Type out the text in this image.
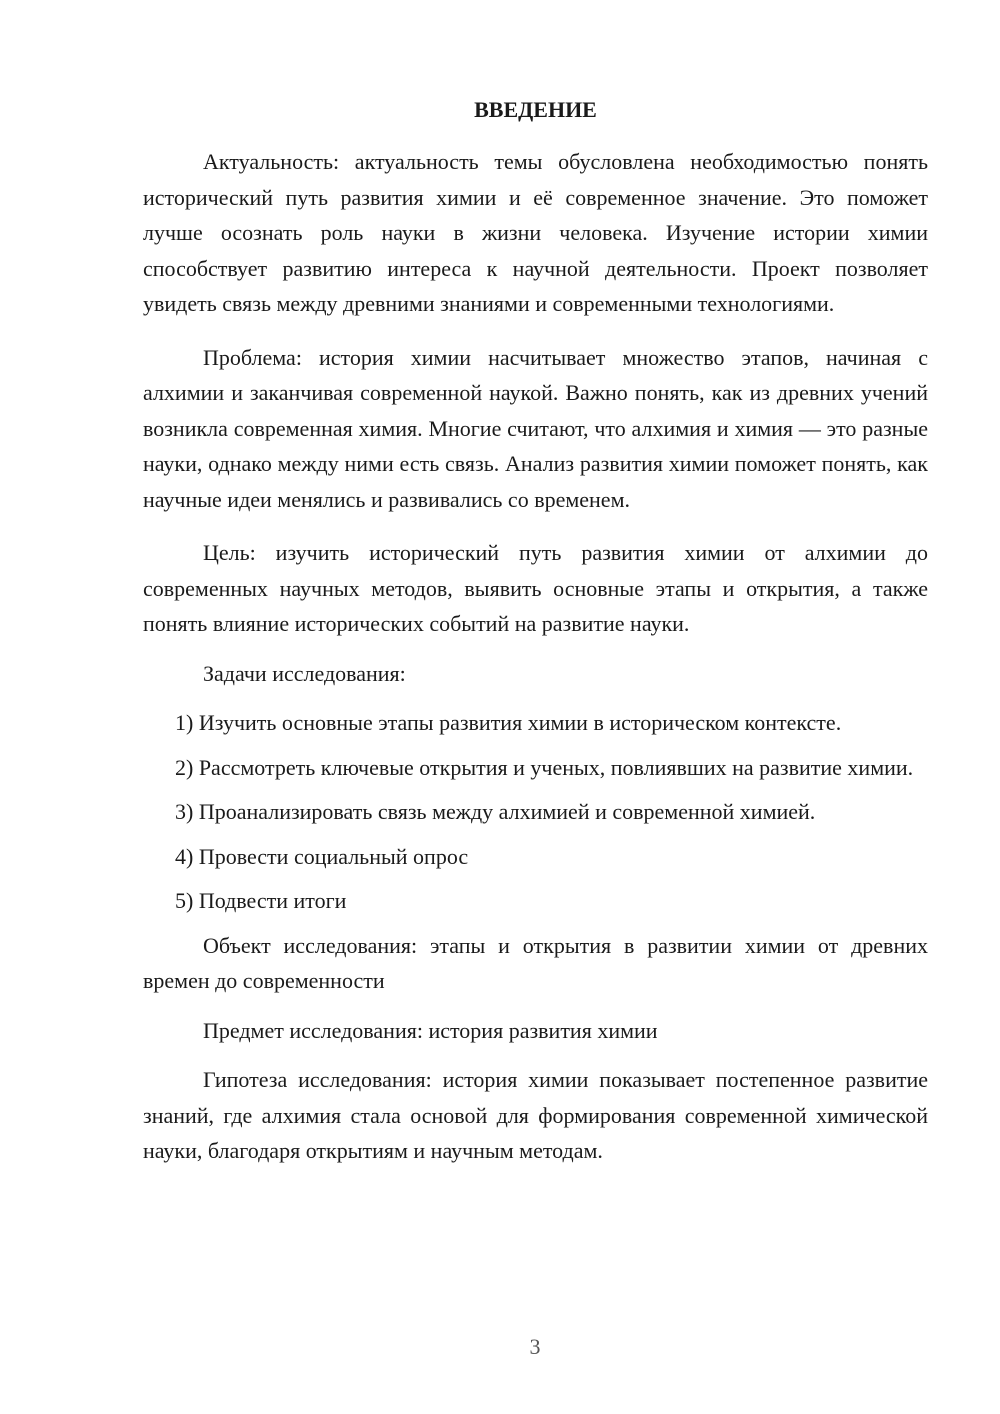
ВВЕДЕНИЕ

Актуальность: актуальность темы обусловлена необходимостью понять исторический путь развития химии и её современное значение. Это поможет лучше осознать роль науки в жизни человека. Изучение истории химии способствует развитию интереса к научной деятельности. Проект позволяет увидеть связь между древними знаниями и современными технологиями.

Проблема: история химии насчитывает множество этапов, начиная с алхимии и заканчивая современной наукой. Важно понять, как из древних учений возникла современная химия. Многие считают, что алхимия и химия — это разные науки, однако между ними есть связь. Анализ развития химии поможет понять, как научные идеи менялись и развивались со временем.

Цель: изучить исторический путь развития химии от алхимии до современных научных методов, выявить основные этапы и открытия, а также понять влияние исторических событий на развитие науки.

Задачи исследования:

1) Изучить основные этапы развития химии в историческом контексте.

2) Рассмотреть ключевые открытия и ученых, повлиявших на развитие химии.

3) Проанализировать связь между алхимией и современной химией.

4) Провести социальный опрос

5) Подвести итоги

Объект исследования: этапы и открытия в развитии химии от древних времен до современности

Предмет исследования: история развития химии

Гипотеза исследования: история химии показывает постепенное развитие знаний, где алхимия стала основой для формирования современной химической науки, благодаря открытиям и научным методам.

3
